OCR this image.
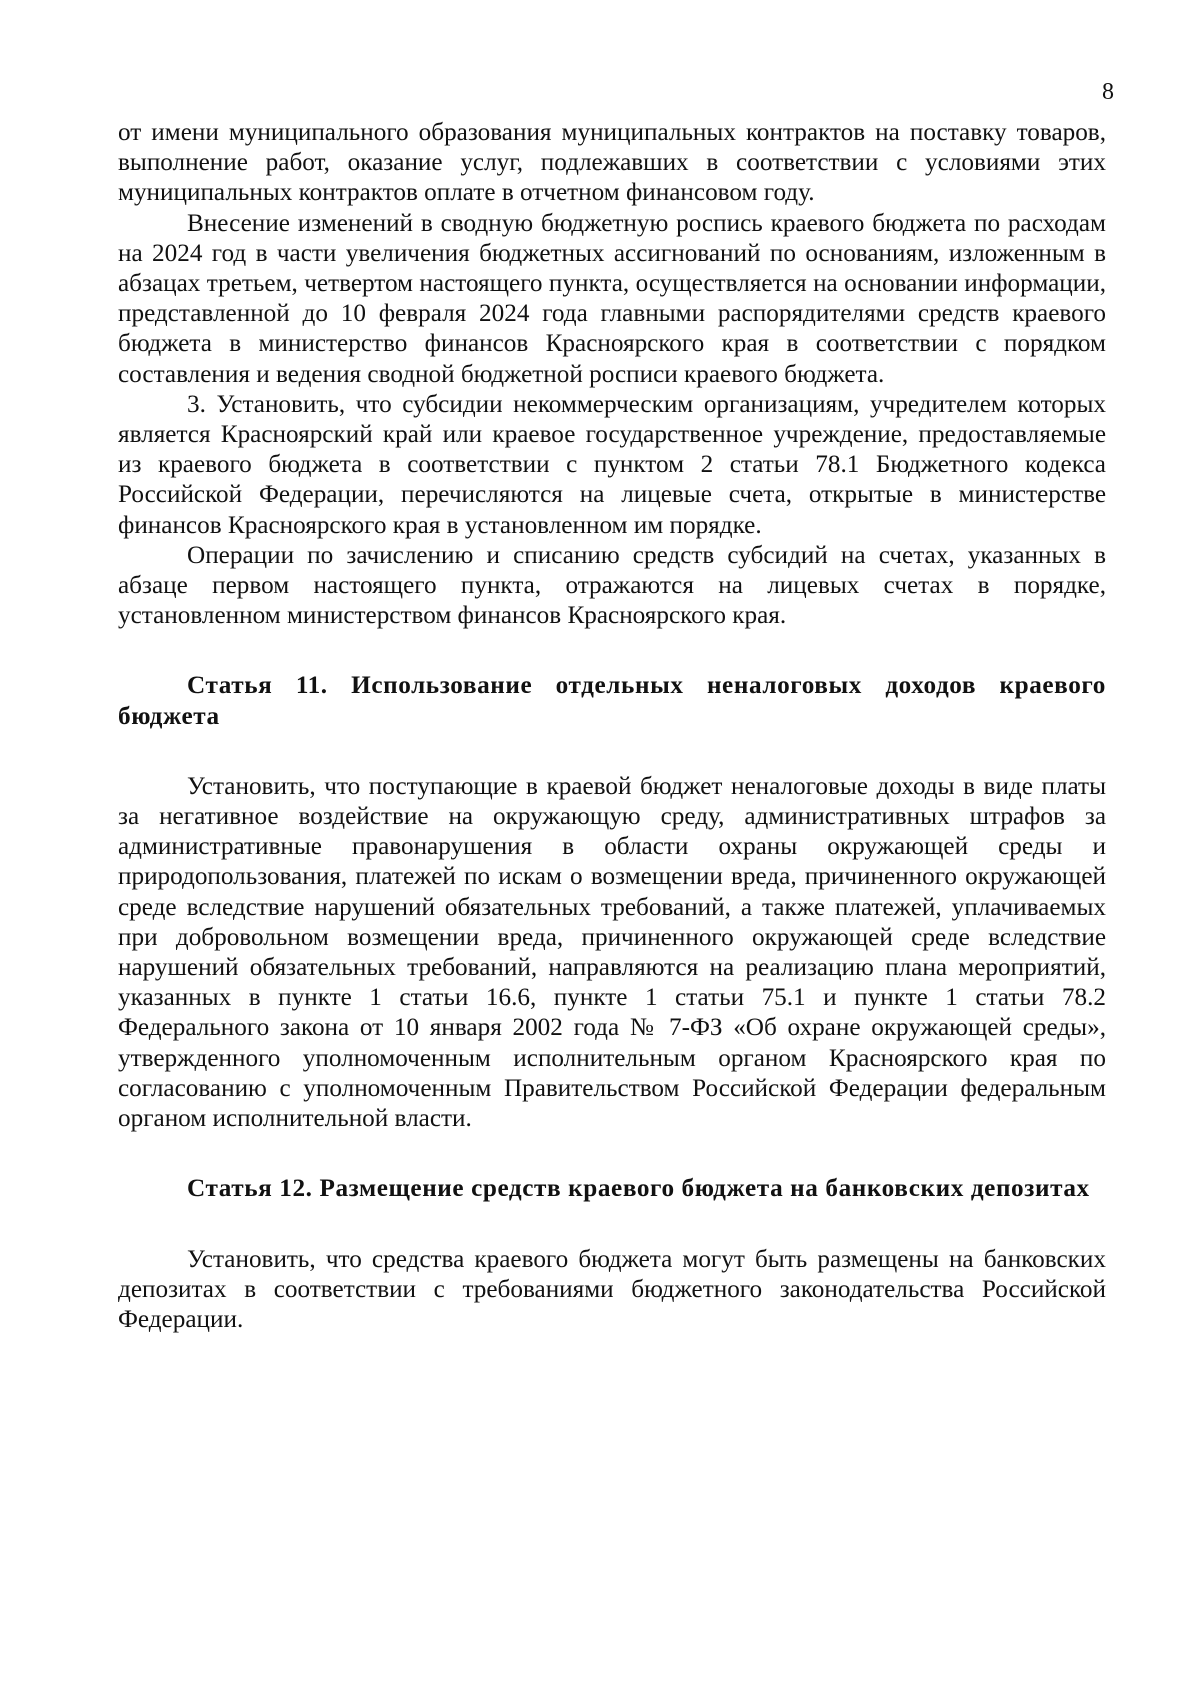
8

от имени муниципального образования муниципальных контрактов на поставку товаров, выполнение работ, оказание услуг, подлежавших в соответствии с условиями этих муниципальных контрактов оплате в отчетном финансовом году.

Внесение изменений в сводную бюджетную роспись краевого бюджета по расходам на 2024 год в части увеличения бюджетных ассигнований по основаниям, изложенным в абзацах третьем, четвертом настоящего пункта, осуществляется на основании информации, представленной до 10 февраля 2024 года главными распорядителями средств краевого бюджета в министерство финансов Красноярского края в соответствии с порядком составления и ведения сводной бюджетной росписи краевого бюджета.

3. Установить, что субсидии некоммерческим организациям, учредителем которых является Красноярский край или краевое государственное учреждение, предоставляемые из краевого бюджета в соответствии с пунктом 2 статьи 78.1 Бюджетного кодекса Российской Федерации, перечисляются на лицевые счета, открытые в министерстве финансов Красноярского края в установленном им порядке.

Операции по зачислению и списанию средств субсидий на счетах, указанных в абзаце первом настоящего пункта, отражаются на лицевых счетах в порядке, установленном министерством финансов Красноярского края.

Статья 11. Использование отдельных неналоговых доходов краевого бюджета

Установить, что поступающие в краевой бюджет неналоговые доходы в виде платы за негативное воздействие на окружающую среду, административных штрафов за административные правонарушения в области охраны окружающей среды и природопользования, платежей по искам о возмещении вреда, причиненного окружающей среде вследствие нарушений обязательных требований, а также платежей, уплачиваемых при добровольном возмещении вреда, причиненного окружающей среде вследствие нарушений обязательных требований, направляются на реализацию плана мероприятий, указанных в пункте 1 статьи 16.6, пункте 1 статьи 75.1 и пункте 1 статьи 78.2 Федерального закона от 10 января 2002 года № 7-ФЗ «Об охране окружающей среды», утвержденного уполномоченным исполнительным органом Красноярского края по согласованию с уполномоченным Правительством Российской Федерации федеральным органом исполнительной власти.

Статья 12. Размещение средств краевого бюджета на банковских депозитах

Установить, что средства краевого бюджета могут быть размещены на банковских депозитах в соответствии с требованиями бюджетного законодательства Российской Федерации.
